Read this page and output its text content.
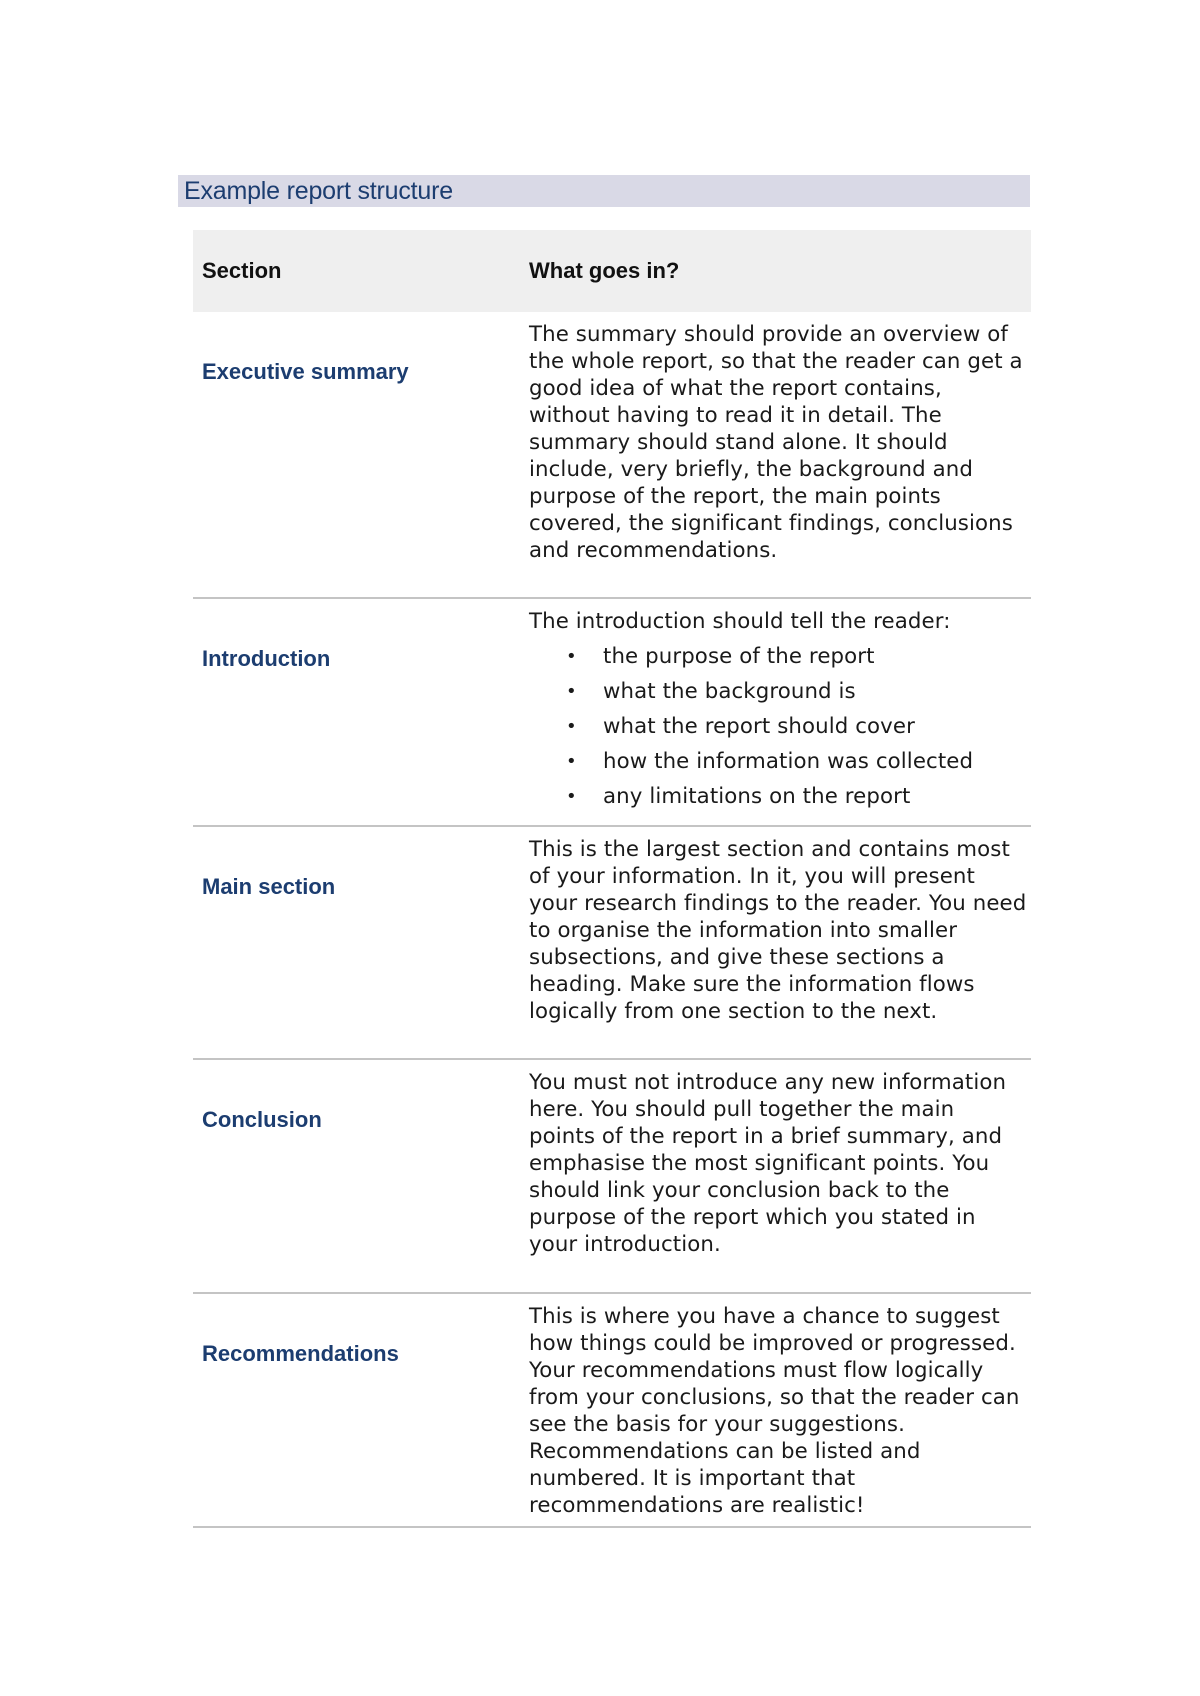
Example report structure
Section	What goes in?
Executive summary

The summary should provide an overview of the whole report, so that the reader can get a good idea of what the report contains, without having to read it in detail. The summary should stand alone. It should include, very briefly, the background and purpose of the report, the main points covered, the significant findings, conclusions and recommendations.

Introduction

The introduction should tell the reader:

• the purpose of the report
• what the background is
• what the report should cover
• how the information was collected
• any limitations on the report
Main section

This is the largest section and contains most of your information. In it, you will present your research findings to the reader. You need to organise the information into smaller subsections, and give these sections a heading. Make sure the information flows logically from one section to the next.

Conclusion

You must not introduce any new information here. You should pull together the main points of the report in a brief summary, and emphasise the most significant points. You should link your conclusion back to the purpose of the report which you stated in your introduction.

Recommendations

This is where you have a chance to suggest how things could be improved or progressed. Your recommendations must flow logically from your conclusions, so that the reader can see the basis for your suggestions. Recommendations can be listed and numbered. It is important that recommendations are realistic!
